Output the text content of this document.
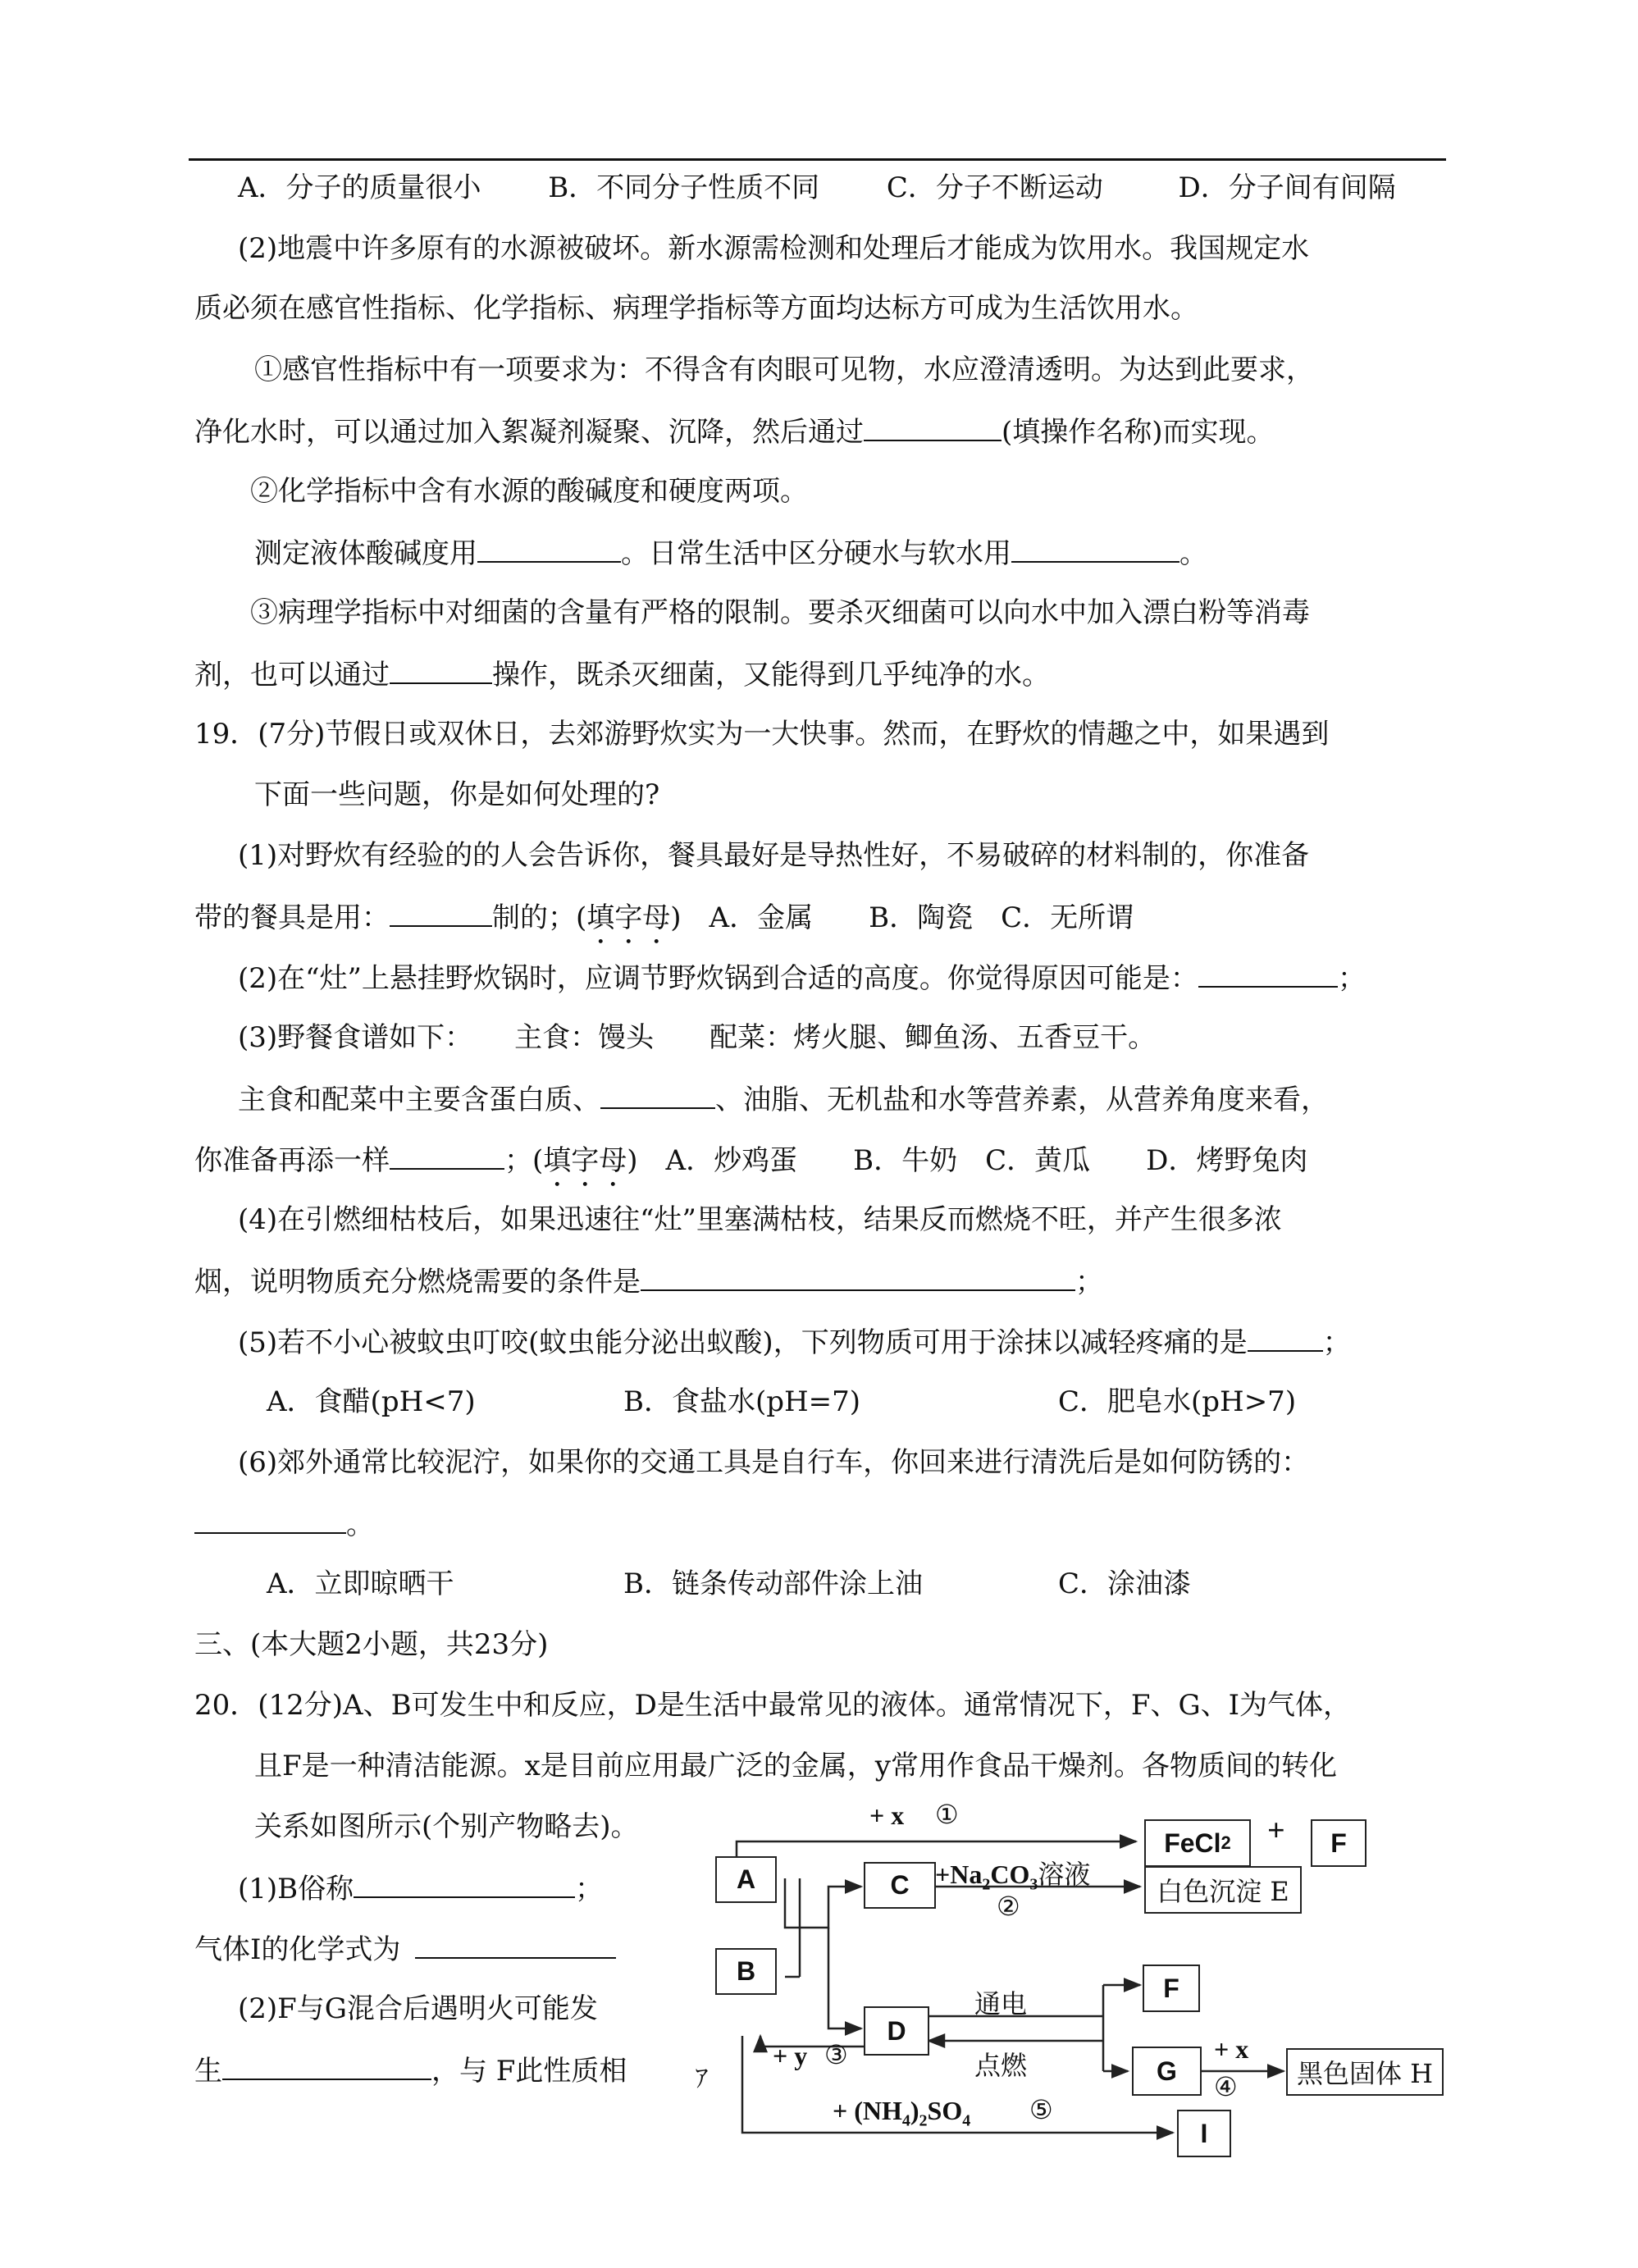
A．分子的质量很小 B．不同分子性质不同 C．分子不断运动	D．分子间有间隔
(2)地震中许多原有的水源被破坏。新水源需检测和处理后才能成为饮用水。我国规定水
质必须在感官性指标、化学指标、病理学指标等方面均达标方可成为生活饮用水。
①感官性指标中有一项要求为：不得含有肉眼可见物，水应澄清透明。为达到此要求，
净化水时，可以通过加入絮凝剂凝聚、沉降，然后通过	(填操作名称)而实现。
②化学指标中含有水源的酸碱度和硬度两项。
测定液体酸碱度用	。日常生活中区分硬水与软水用	。
③病理学指标中对细菌的含量有严格的限制。要杀灭细菌可以向水中加入漂白粉等消毒
剂，也可以通过	操作，既杀灭细菌，又能得到几乎纯净的水。
19．(7分)节假日或双休日，去郊游野炊实为一大快事。然而，在野炊的情趣之中，如果遇到
下面一些问题，你是如何处理的?
(1)对野炊有经验的的人会告诉你，餐具最好是导热性好，不易破碎的材料制的，你准备
带的餐具是用：	制的；(填字母)　A．金属　　B．陶瓷　C．无所谓
(2)在“灶”上悬挂野炊锅时，应调节野炊锅到合适的高度。你觉得原因可能是：	；
(3)野餐食谱如下：　　主食：馒头　　配菜：烤火腿、鲫鱼汤、五香豆干。
主食和配菜中主要含蛋白质、	、油脂、无机盐和水等营养素，从营养角度来看，
你准备再添一样	；(填字母)　A．炒鸡蛋　　B．牛奶　C．黄瓜　　D．烤野兔肉
(4)在引燃细枯枝后，如果迅速往“灶”里塞满枯枝，结果反而燃烧不旺，并产生很多浓
烟，说明物质充分燃烧需要的条件是	；
(5)若不小心被蚊虫叮咬(蚊虫能分泌出蚁酸)，下列物质可用于涂抹以减轻疼痛的是	；
A．食醋(pH<7)	B．食盐水(pH=7)	C．肥皂水(pH>7)
(6)郊外通常比较泥泞，如果你的交通工具是自行车，你回来进行清洗后是如何防锈的：
。
A．立即晾晒干	B．链条传动部件涂上油	C．涂油漆
三、(本大题2小题，共23分)
20．(12分)A、B可发生中和反应，D是生活中最常见的液体。通常情况下，F、G、I为气体，
且F是一种清洁能源。x是目前应用最广泛的金属，y常用作食品干燥剂。各物质间的转化
关系如图所示(个别产物略去)。
(1)B俗称	；
气体I的化学式为
(2)F与G混合后遇明火可能发
生	，与 F此性质相	ｱ
A
B
C
D
FeCl 2 +	F
白色沉淀 E
F
G	黑色固体 H
I
+ x ①
$+Na_2CO_3$溶液
②
通电
点燃
+ y ③	+ x
④
+ $(NH_4)_2SO_4$ ⑤
